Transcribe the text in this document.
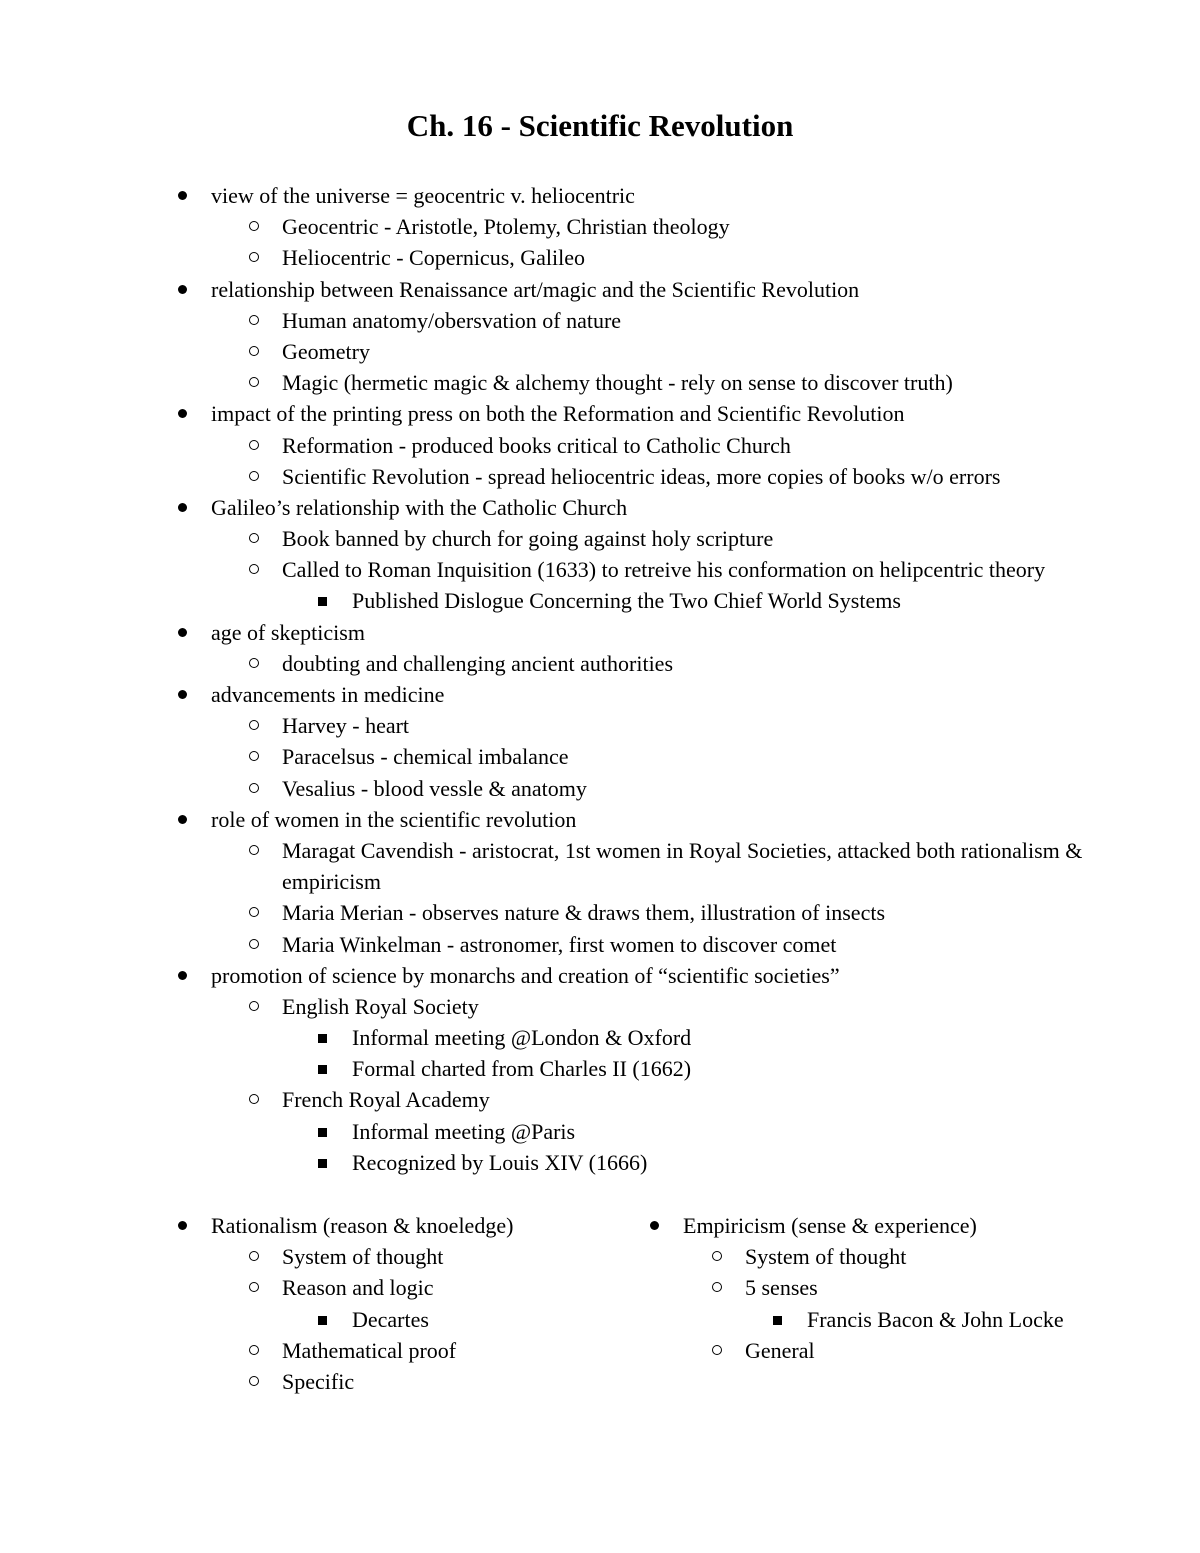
Ch. 16 - Scientific Revolution
view of the universe = geocentric v. heliocentric
Geocentric - Aristotle, Ptolemy, Christian theology
Heliocentric - Copernicus, Galileo
relationship between Renaissance art/magic and the Scientific Revolution
Human anatomy/obersvation of nature
Geometry
Magic (hermetic magic & alchemy thought - rely on sense to discover truth)
impact of the printing press on both the Reformation and Scientific Revolution
Reformation - produced books critical to Catholic Church
Scientific Revolution - spread heliocentric ideas, more copies of books w/o errors
Galileo’s relationship with the Catholic Church
Book banned by church for going against holy scripture
Called to Roman Inquisition (1633) to retreive his conformation on helipcentric theory
Published Dislogue Concerning the Two Chief World Systems
age of skepticism
doubting and challenging ancient authorities
advancements in medicine
Harvey - heart
Paracelsus - chemical imbalance
Vesalius - blood vessle & anatomy
role of women in the scientific revolution
Maragat Cavendish - aristocrat, 1st women in Royal Societies, attacked both rationalism & empiricism
Maria Merian - observes nature & draws them, illustration of insects
Maria Winkelman - astronomer, first women to discover comet
promotion of science by monarchs and creation of “scientific societies”
English Royal Society
Informal meeting @London & Oxford
Formal charted from Charles II (1662)
French Royal Academy
Informal meeting @Paris
Recognized by Louis XIV (1666)
Rationalism (reason & knoeledge)
System of thought
Reason and logic
Decartes
Mathematical proof
Specific
Empiricism (sense & experience)
System of thought
5 senses
Francis Bacon & John Locke
General
